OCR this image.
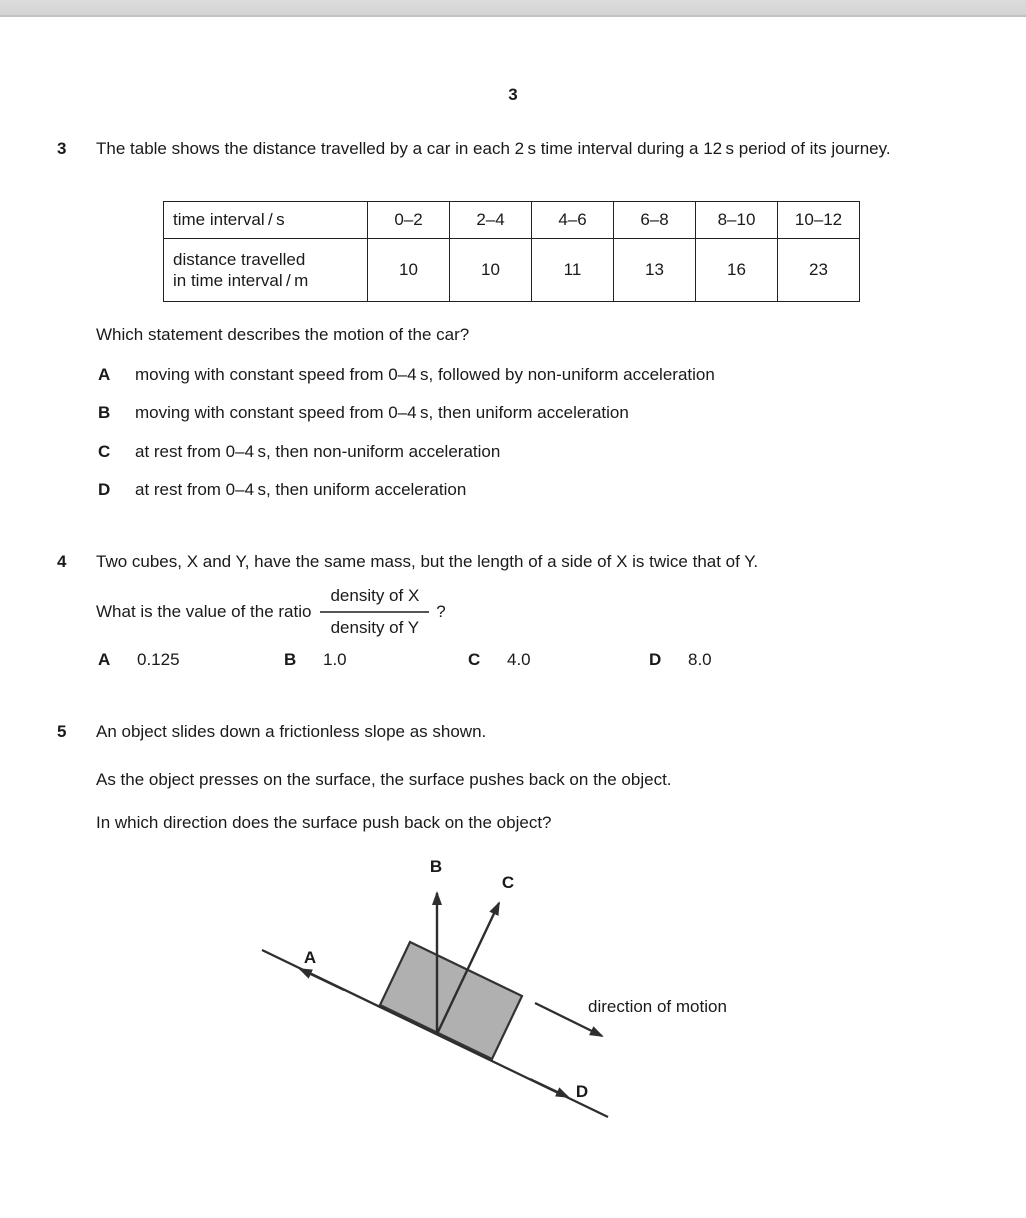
3
3 The table shows the distance travelled by a car in each 2 s time interval during a 12 s period of its journey.
time interval / s	0–2	2–4	4–6	6–8	8–10	10–12

distance travelled
in time interval / m	10	10	11	13	16	23
Which statement describes the motion of the car?
A	moving with constant speed from 0–4 s, followed by non-uniform acceleration
B	moving with constant speed from 0–4 s, then uniform acceleration
C	at rest from 0–4 s, then non-uniform acceleration
D	at rest from 0–4 s, then uniform acceleration
4 Two cubes, X and Y, have the same mass, but the length of a side of X is twice that of Y.
What is the value of the ratio $\frac{\text{density of X}}{\text{density of Y}}$ ?
A	0.125	B	1.0	C	4.0	D	8.0
5 An object slides down a frictionless slope as shown.
As the object presses on the surface, the surface pushes back on the object.
In which direction does the surface push back on the object?
A
B
C
D
direction of motion
